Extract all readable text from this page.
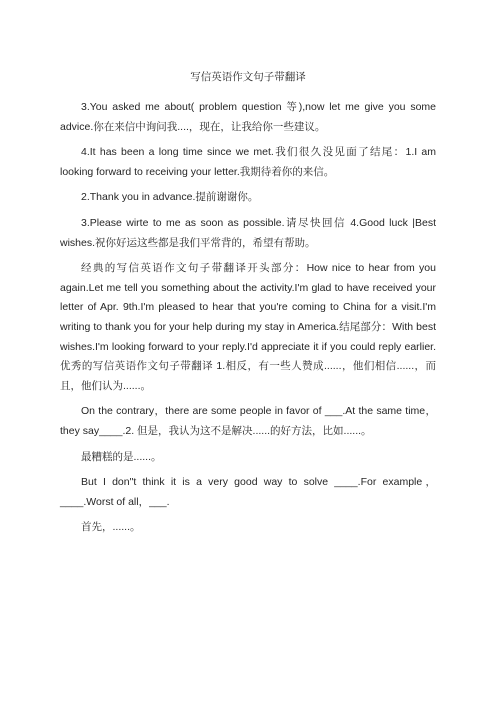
写信英语作文句子带翻译

3.You asked me about( problem question 等),now let me give you some advice.你在来信中询问我....，现在，让我给你一些建议。

4.It has been a long time since we met.我们很久没见面了结尾：1.I am looking forward to receiving your letter.我期待着你的来信。

2.Thank you in advance.提前谢谢你。

3.Please wirte to me as soon as possible.请尽快回信 4.Good luck |Best wishes.祝你好运这些都是我们平常背的，希望有帮助。

经典的写信英语作文句子带翻译开头部分：How nice to hear from you again.Let me tell you something about the activity.I'm glad to have received your letter of Apr. 9th.I'm pleased to hear that you're coming to China for a visit.I'm writing to thank you for your help during my stay in America.结尾部分：With best wishes.I'm looking forward to your reply.I'd appreciate it if you could reply earlier.优秀的写信英语作文句子带翻译 1.相反，有一些人赞成......，他们相信......，而且，他们认为......。

On the contrary，there are some people in favor of ___.At the same time，they say____.2. 但是，我认为这不是解决......的好方法，比如......。

最糟糕的是......。

But I don"t think it is a very good way to solve ____.For example，____.Worst of all，___.

首先，......。
